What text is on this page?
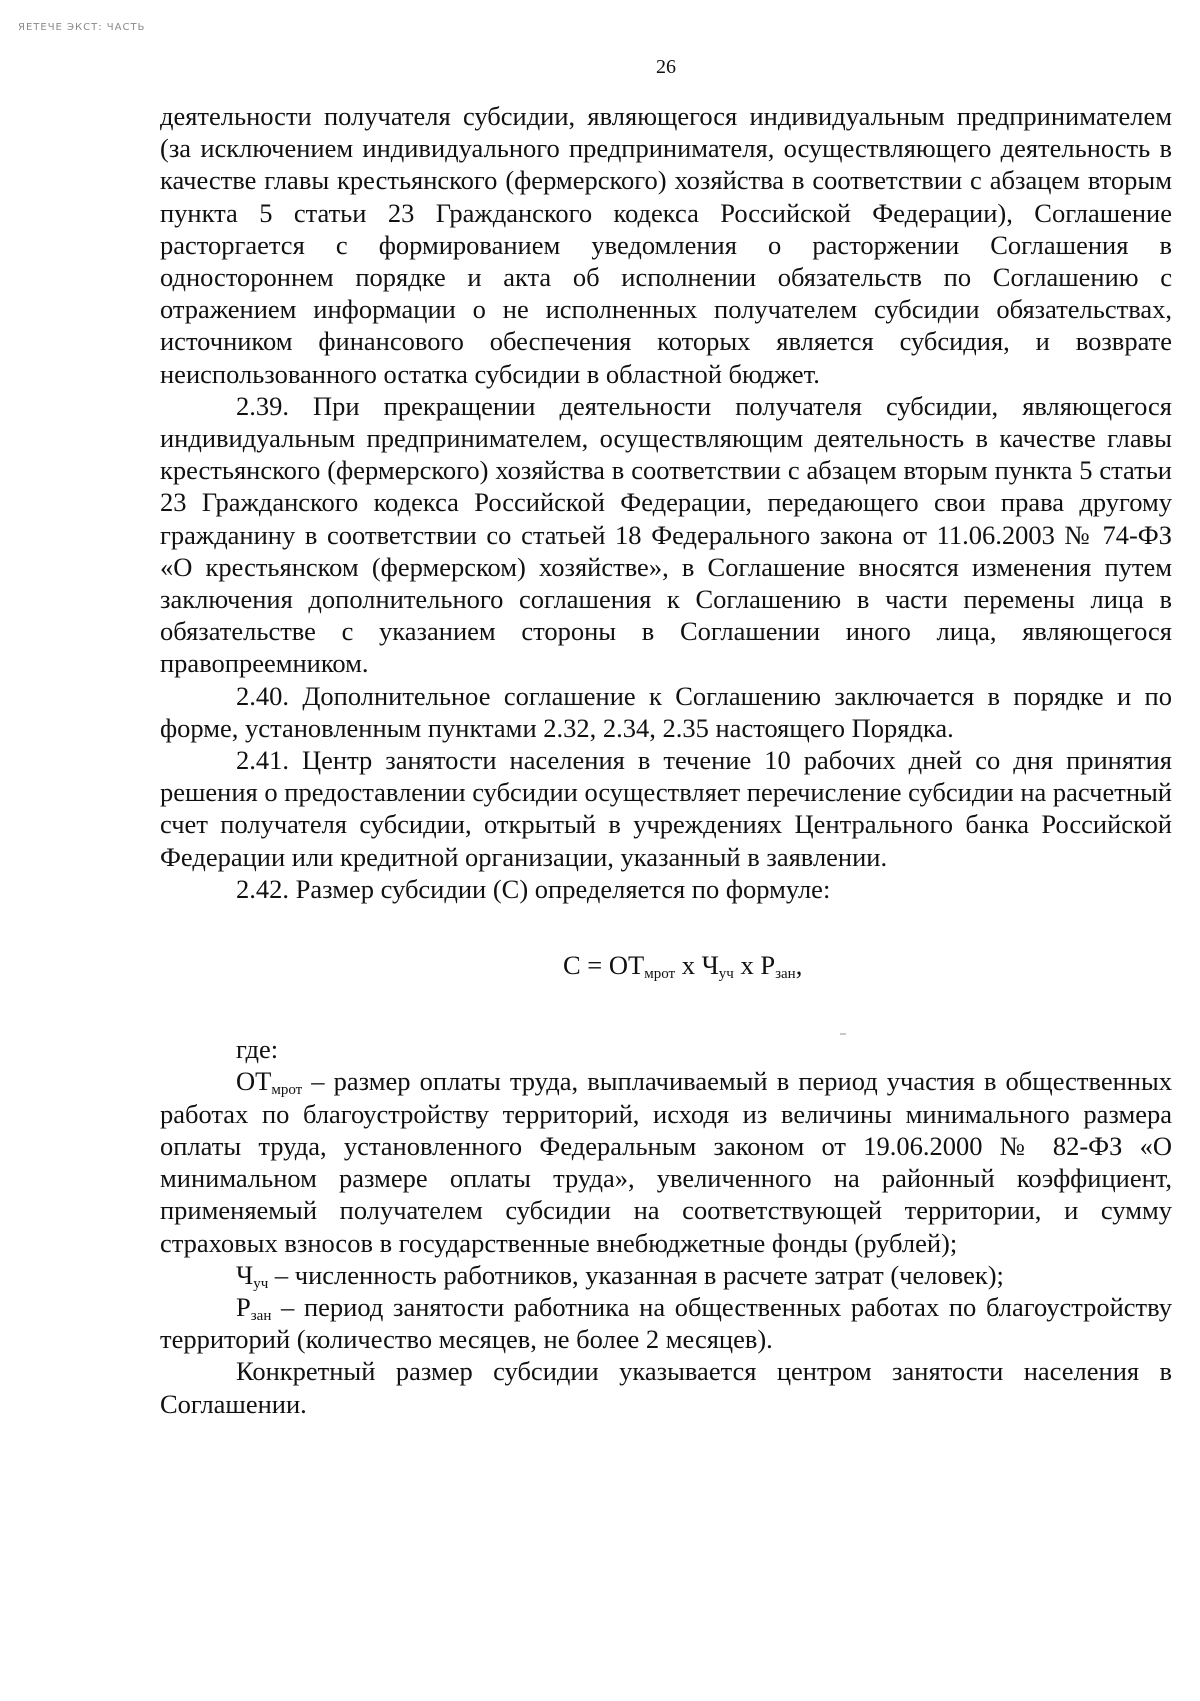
ЯЕТЕЧЕ ЭКСТ: ЧАСТЬ
26

деятельности получателя субсидии, являющегося индивидуальным предпринимателем (за исключением индивидуального предпринимателя, осуществляющего деятельность в качестве главы крестьянского (фермерского) хозяйства в соответствии с абзацем вторым пункта 5 статьи 23 Гражданского кодекса Российской Федерации), Соглашение расторгается с формированием уведомления о расторжении Соглашения в одностороннем порядке и акта об исполнении обязательств по Соглашению с отражением информации о не исполненных получателем субсидии обязательствах, источником финансового обеспечения которых является субсидия, и возврате неиспользованного остатка субсидии в областной бюджет.

2.39. При прекращении деятельности получателя субсидии, являющегося индивидуальным предпринимателем, осуществляющим деятельность в качестве главы крестьянского (фермерского) хозяйства в соответствии с абзацем вторым пункта 5 статьи 23 Гражданского кодекса Российской Федерации, передающего свои права другому гражданину в соответствии со статьей 18 Федерального закона от 11.06.2003 № 74-ФЗ «О крестьянском (фермерском) хозяйстве», в Соглашение вносятся изменения путем заключения дополнительного соглашения к Соглашению в части перемены лица в обязательстве с указанием стороны в Соглашении иного лица, являющегося правопреемником.

2.40. Дополнительное соглашение к Соглашению заключается в порядке и по форме, установленным пунктами 2.32, 2.34, 2.35 настоящего Порядка.

2.41. Центр занятости населения в течение 10 рабочих дней со дня принятия решения о предоставлении субсидии осуществляет перечисление субсидии на расчетный счет получателя субсидии, открытый в учреждениях Центрального банка Российской Федерации или кредитной организации, указанный в заявлении.

2.42. Размер субсидии (С) определяется по формуле:

$С = ОТ_{мрот}$ х $Ч_{уч}$ х $Р_{зан}$,

где:

$ОТ_{мрот}$ – размер оплаты труда, выплачиваемый в период участия в общественных работах по благоустройству территорий, исходя из величины минимального размера оплаты труда, установленного Федеральным законом от 19.06.2000 № 82-ФЗ «О минимальном размере оплаты труда», увеличенного на районный коэффициент, применяемый получателем субсидии на соответствующей территории, и сумму страховых взносов в государственные внебюджетные фонды (рублей);

$Ч_{уч}$ – численность работников, указанная в расчете затрат (человек);

$Р_{зан}$ – период занятости работника на общественных работах по благоустройству территорий (количество месяцев, не более 2 месяцев).

Конкретный размер субсидии указывается центром занятости населения в Соглашении.
